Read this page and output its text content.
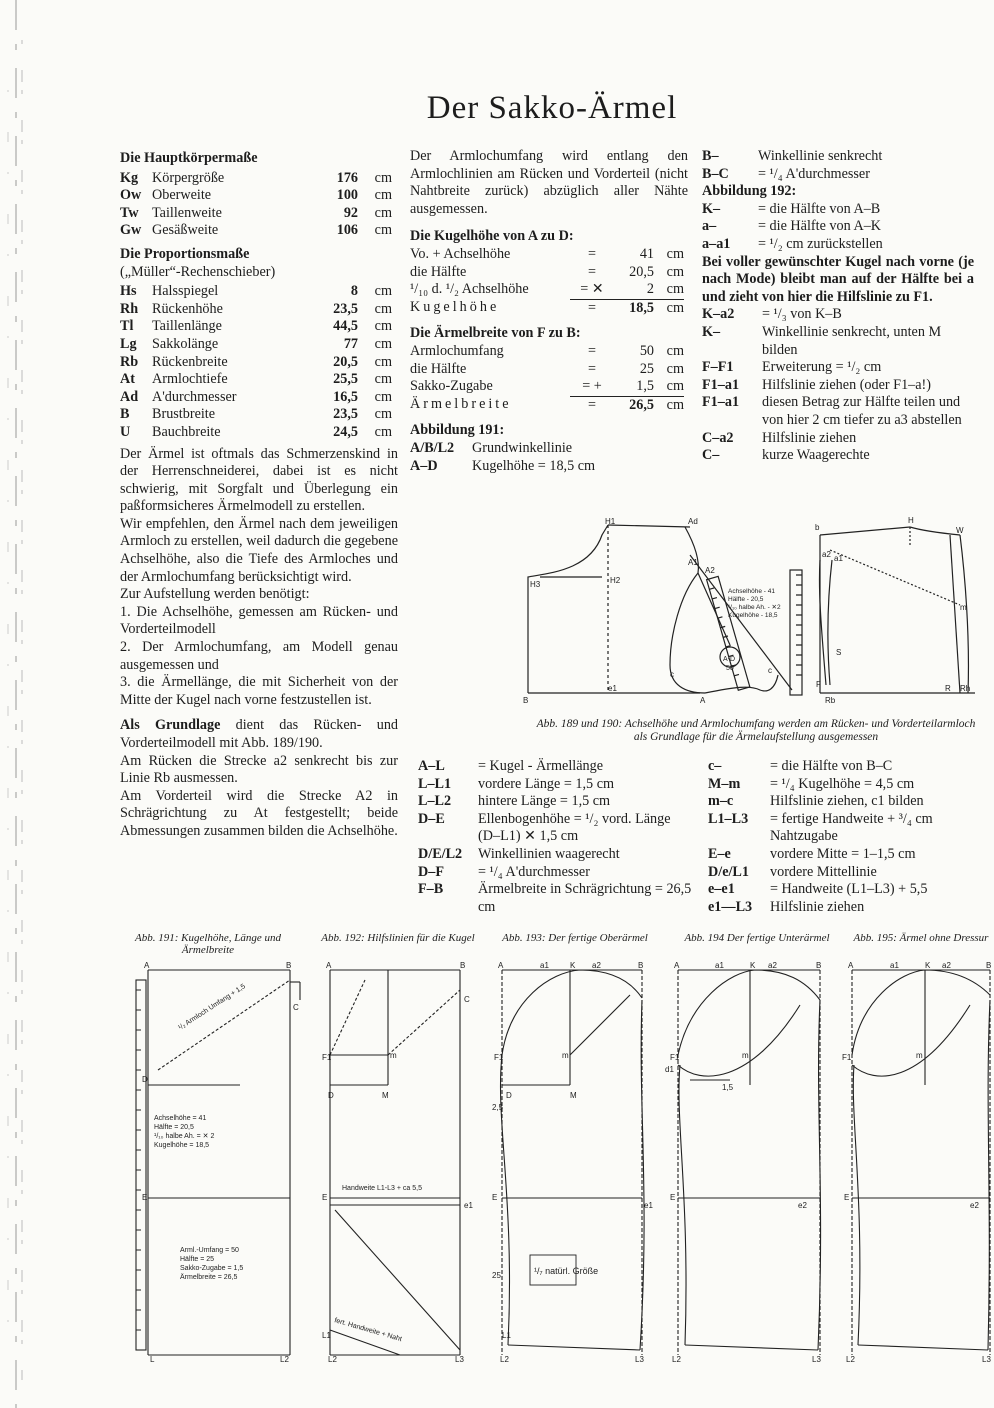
Der Sakko-Ärmel
Die Hauptkörpermaße
Kg	Körpergröße	176	cm
Ow	Oberweite	100	cm
Tw	Taillenweite	92	cm
Gw	Gesäßweite	106	cm
Die Proportionsmaße
(„Müller“-Rechenschieber)
Hs	Halsspiegel	8	cm
Rh	Rückenhöhe	23,5	cm
Tl	Taillenlänge	44,5	cm
Lg	Sakkolänge	77	cm
Rb	Rückenbreite	20,5	cm
At	Armlochtiefe	25,5	cm
Ad	A'durchmesser	16,5	cm
B	Brustbreite	23,5	cm
U	Bauchbreite	24,5	cm
Der Ärmel ist oftmals das Schmerzenskind in der Herrenschneiderei, dabei ist es nicht schwierig, mit Sorgfalt und Überlegung ein paßformsicheres Ärmelmodell zu erstellen.
Wir empfehlen, den Ärmel nach dem jeweiligen Armloch zu erstellen, weil dadurch die gegebene Achselhöhe, also die Tiefe des Armloches und der Armlochumfang berücksichtigt wird.
Zur Aufstellung werden benötigt:
1. Die Achselhöhe, gemessen am Rücken- und Vorderteilmodell
2. Der Armlochumfang, am Modell genau ausgemessen und
3. die Ärmellänge, die mit Sicherheit von der Mitte der Kugel nach vorne festzustellen ist.
Als Grundlage dient das Rücken- und Vorderteilmodell mit Abb. 189/190.
Am Rücken die Strecke a2 senkrecht bis zur Linie Rb ausmessen.
Am Vorderteil wird die Strecke A2 in Schrägrichtung zu At festgestellt; beide Abmessungen zusammen bilden die Achselhöhe.
Der Armlochumfang wird entlang den Armlochlinien am Rücken und Vorderteil (nicht Nahtbreite zurück) abzüglich aller Nähte ausgemessen.
Die Kugelhöhe von A zu D:
Vo. + Achselhöhe	=	41	cm
die Hälfte	=	20,5	cm
¹/₁₀ d. ¹/₂ Achselhöhe	= ✕	2	cm
Kugelhöhe	=	18,5	cm
Die Ärmelbreite von F zu B:
Armlochumfang	=	50	cm
die Hälfte	=	25	cm
Sakko-Zugabe	= +	1,5	cm
Ärmelbreite	=	26,5	cm
Abbildung 191:
A/B/L2	Grundwinkellinie
A–D	Kugelhöhe = 18,5 cm
B–	Winkellinie senkrecht
B–C	= ¹/₄ A'durchmesser
Abbildung 192:
K–	= die Hälfte von A–B
a–	= die Hälfte von A–K
a–a1	= ¹/₂ cm zurückstellen
Bei voller gewünschter Kugel nach vorne (je nach Mode) bleibt man auf der Hälfte bei a und zieht von hier die Hilfslinie zu F1.
K–a2	= ¹/₃ von K–B
K–	Winkellinie senkrecht, unten M bilden
F–F1	Erweiterung = ¹/₂ cm
F1–a1	Hilfslinie ziehen (oder F1–a!)
F1–a1	diesen Betrag zur Hälfte teilen und von hier 2 cm tiefer zu a3 abstellen
C–a2	Hilfslinie ziehen
C–	kurze Waagerechte
H3
H1	Ad
H2
A1
A2
B
e1
c	c
A
b
H
W
a2 a1
S
F
Rb
R Rh
m
Achselhöhe - 41
Hälfte - 20,5
¹/₁₀ halbe Ah. - ✕2
Kugelhöhe - 18,5
A-D
50
Abb. 189 und 190: Achselhöhe und Armlochumfang werden am Rücken- und Vorderteilarmloch als Grundlage für die Ärmelaufstellung ausgemessen
A–L	= Kugel - Ärmellänge
L–L1	vordere Länge = 1,5 cm
L–L2	hintere Länge = 1,5 cm
D–E	Ellenbogenhöhe = ¹/₂ vord. Länge (D–L1) ✕ 1,5 cm
D/E/L2	Winkellinien waagerecht
D–F	= ¹/₄ A'durchmesser
F–B	Ärmelbreite in Schrägrichtung = 26,5 cm
c–	= die Hälfte von B–C
M–m	= ¹/₄ Kugelhöhe = 4,5 cm
m–c	Hilfslinie ziehen, c1 bilden
L1–L3	= fertige Handweite + ³/₄ cm Nahtzugabe
E–e	vordere Mitte = 1–1,5 cm
D/e/L1	vordere Mittellinie
e–e1	= Handweite (L1–L3) + 5,5
e1—L3	Hilfslinie ziehen
Abb. 191: Kugelhöhe, Länge und Ärmelbreite
Abb. 192: Hilfslinien für die Kugel	Abb. 193: Der fertige Oberärmel	Abb. 194 Der fertige Unterärmel	Abb. 195: Ärmel ohne Dressur
A	B
C
D
E
L	L2
A	B
C
F1
D	M
m
E
e1
L1
L2	L3
A	a1	K a2	B
F1
D	M
m
2,5
E
e1
25
L1
L2	L3
A	a1	K a2	B
F1
d1
1,5
m
E
e2
L2	L3
A	a1	K a2	B
F1	m
E
e2
L2	L3
Achselhöhe = 41
Hälfte = 20,5
¹/₁₀ halbe Ah. = ✕ 2
Kugelhöhe = 18,5
Arml.-Umfang = 50
Hälfte = 25
Sakko-Zugabe = 1,5
Ärmelbreite = 26,5
¹/₂ Armloch Umfang + 1,5
Handweite L1-L3 + ca 5,5
fert. Handweite + Naht
¹/₇ natürl. Größe
